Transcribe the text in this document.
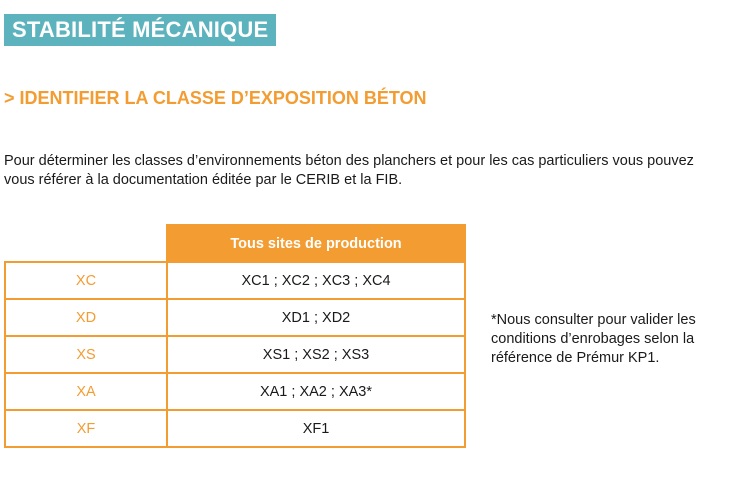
STABILITÉ MÉCANIQUE
> IDENTIFIER LA CLASSE D’EXPOSITION BÉTON

Pour déterminer les classes d’environnements béton des planchers et pour les cas particuliers vous pouvez vous référer à la documentation éditée par le CERIB et la FIB.

	Tous sites de production
XC	XC1 ; XC2 ; XC3 ; XC4
XD	XD1 ; XD2
XS	XS1 ; XS2 ; XS3
XA	XA1 ; XA2 ; XA3*
XF	XF1

*Nous consulter pour valider les conditions d’enrobages selon la référence de Prémur KP1.
